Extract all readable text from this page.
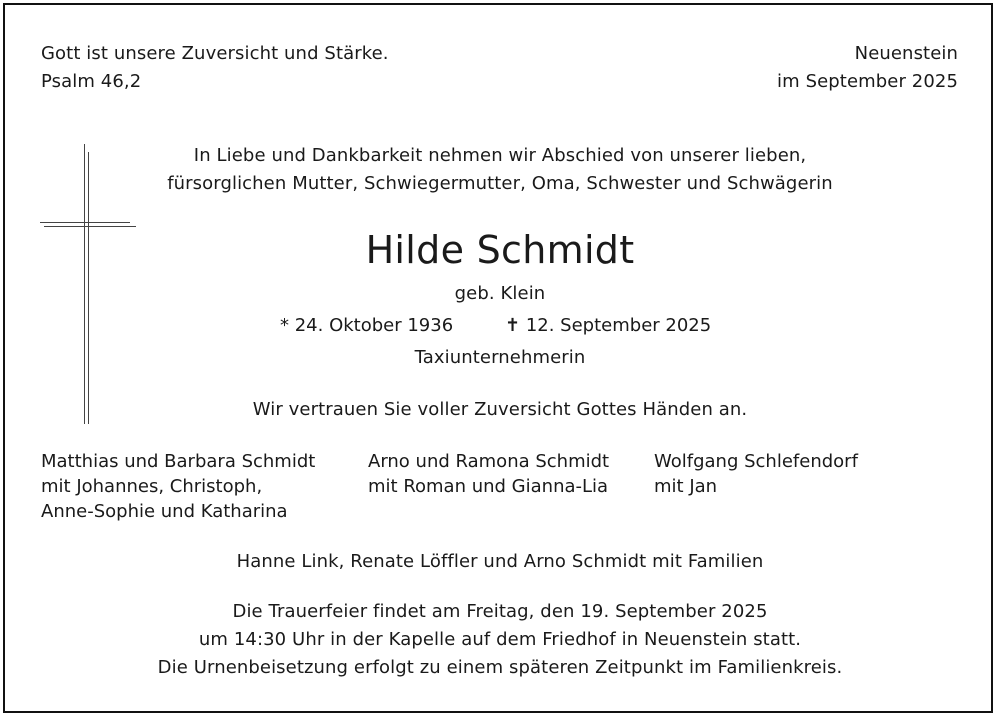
Gott ist unsere Zuversicht und Stärke.
Psalm 46,2
Neuenstein
im September 2025
In Liebe und Dankbarkeit nehmen wir Abschied von unserer lieben,
fürsorglichen Mutter, Schwiegermutter, Oma, Schwester und Schwägerin
Hilde Schmidt
geb. Klein
* 24. Oktober 1936	✝ 12. September 2025
Taxiunternehmerin
Wir vertrauen Sie voller Zuversicht Gottes Händen an.
Matthias und Barbara Schmidt
mit Johannes, Christoph,
Anne-Sophie und Katharina
Arno und Ramona Schmidt
mit Roman und Gianna-Lia
Wolfgang Schlefendorf
mit Jan
Hanne Link, Renate Löffler und Arno Schmidt mit Familien
Die Trauerfeier findet am Freitag, den 19. September 2025
um 14:30 Uhr in der Kapelle auf dem Friedhof in Neuenstein statt.
Die Urnenbeisetzung erfolgt zu einem späteren Zeitpunkt im Familienkreis.
